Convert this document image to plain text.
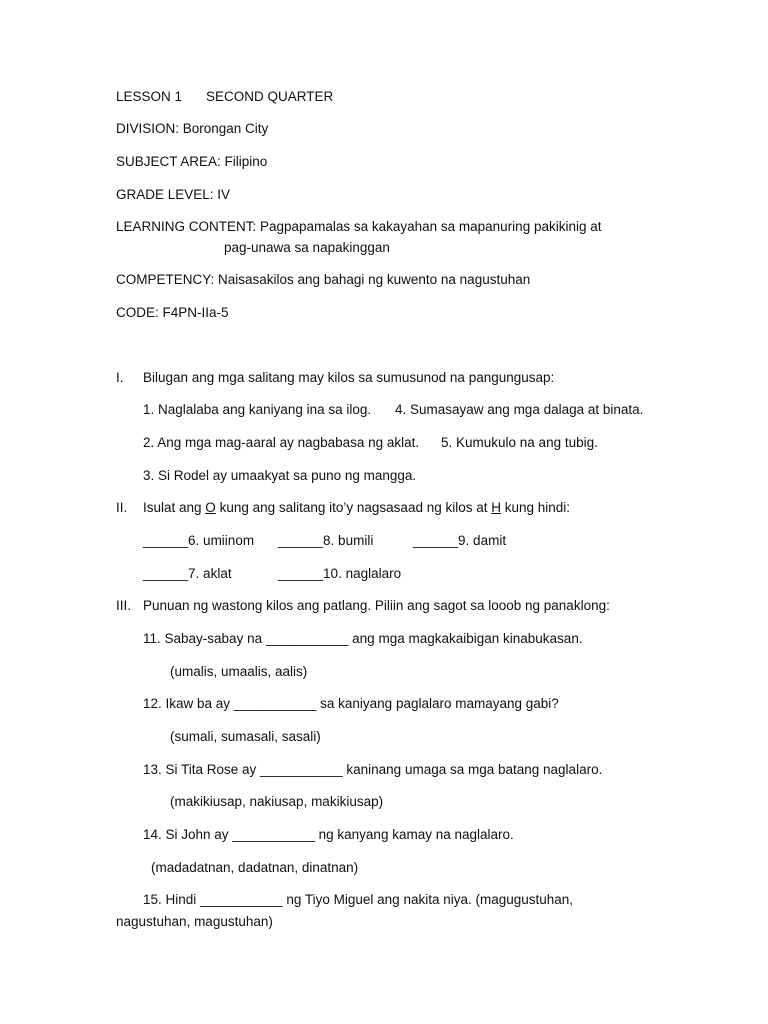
LESSON 1 SECOND QUARTER
DIVISION: Borongan City
SUBJECT AREA: Filipino
GRADE LEVEL: IV
LEARNING CONTENT: Pagpapamalas sa kakayahan sa mapanuring pakikinig at
pag-unawa sa napakinggan
COMPETENCY: Naisasakilos ang bahagi ng kuwento na nagustuhan
CODE: F4PN-IIa-5
I. Bilugan ang mga salitang may kilos sa sumusunod na pangungusap:
1. Naglalaba ang kaniyang ina sa ilog. 4. Sumasayaw ang mga dalaga at binata.
2. Ang mga mag-aaral ay nagbabasa ng aklat. 5. Kumukulo na ang tubig.
3. Si Rodel ay umaakyat sa puno ng mangga.
II. Isulat ang O kung ang salitang ito’y nagsasaad ng kilos at H kung hindi:
______6. umiinom ______8. bumili	______9. damit
______7. aklat	______10. naglalaro
III. Punuan ng wastong kilos ang patlang. Piliin ang sagot sa looob ng panaklong:
11. Sabay-sabay na ___________ ang mga magkakaibigan kinabukasan.
(umalis, umaalis, aalis)
12. Ikaw ba ay ___________ sa kaniyang paglalaro mamayang gabi?
(sumali, sumasali, sasali)
13. Si Tita Rose ay ___________ kaninang umaga sa mga batang naglalaro.
(makikiusap, nakiusap, makikiusap)
14. Si John ay ___________ ng kanyang kamay na naglalaro.
(madadatnan, dadatnan, dinatnan)
15. Hindi ___________ ng Tiyo Miguel ang nakita niya. (magugustuhan,
nagustuhan, magustuhan)
